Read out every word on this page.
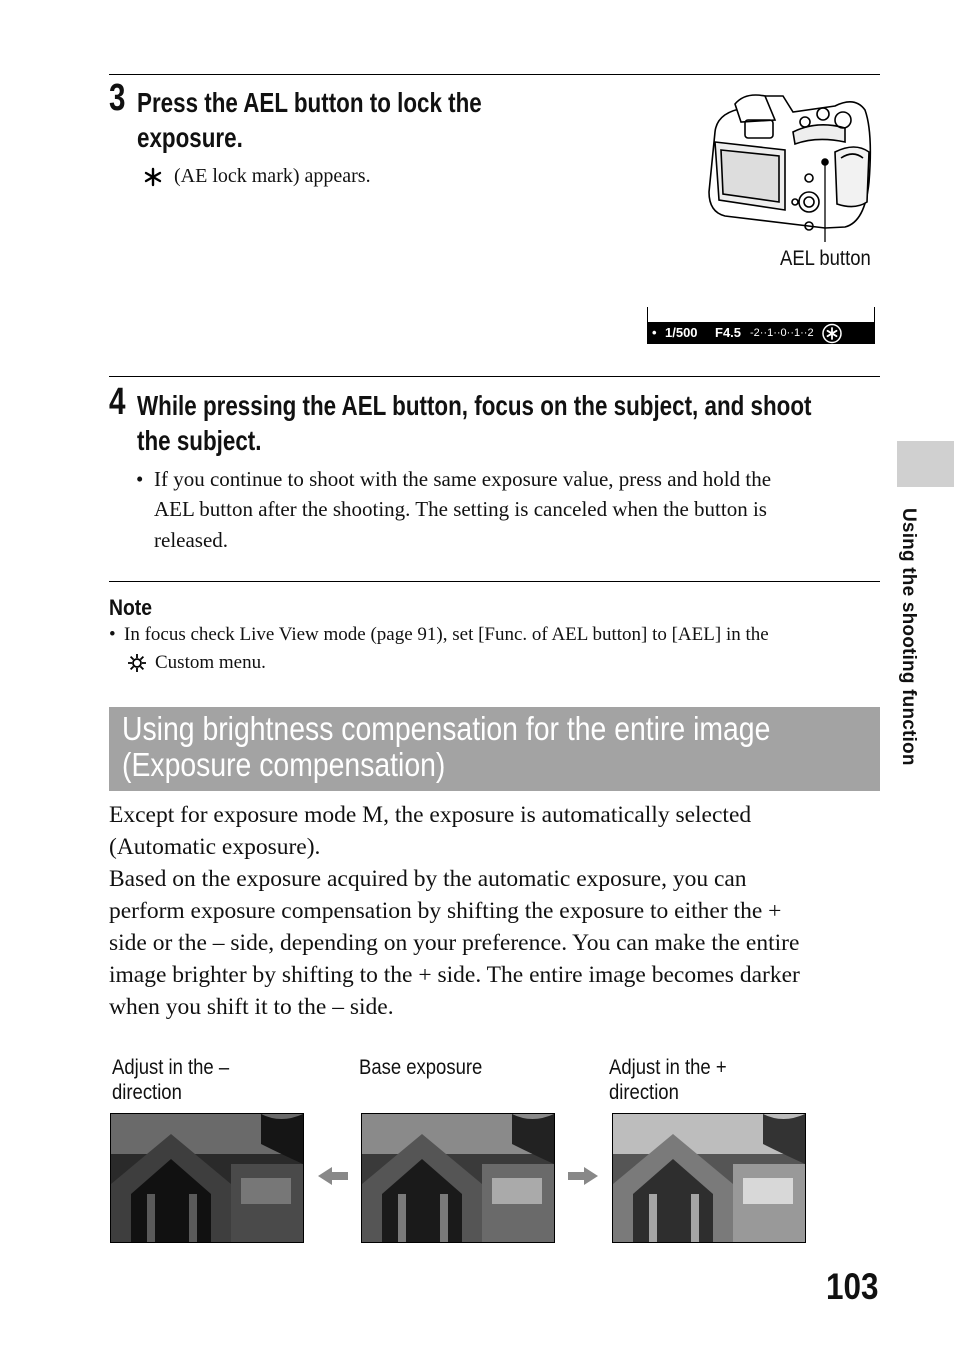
3 Press the AEL button to lock the
exposure.
(AE lock mark) appears.
AEL button
• 1/500 F4.5 -2··1··0··1··2
4 While pressing the AEL button, focus on the subject, and shoot
the subject.
• If you continue to shoot with the same exposure value, press and hold the
AEL button after the shooting. The setting is canceled when the button is
released.
Note
• In focus check Live View mode (page 91), set [Func. of AEL button] to [AEL] in the
Custom menu.
Using brightness compensation for the entire image
(Exposure compensation)
Except for exposure mode M, the exposure is automatically selected
(Automatic exposure).
Based on the exposure acquired by the automatic exposure, you can
perform exposure compensation by shifting the exposure to either the +
side or the – side, depending on your preference. You can make the entire
image brighter by shifting to the + side. The entire image becomes darker
when you shift it to the – side.
Adjust in the –
direction
Base exposure	Adjust in the +
direction
Using the shooting function
103
